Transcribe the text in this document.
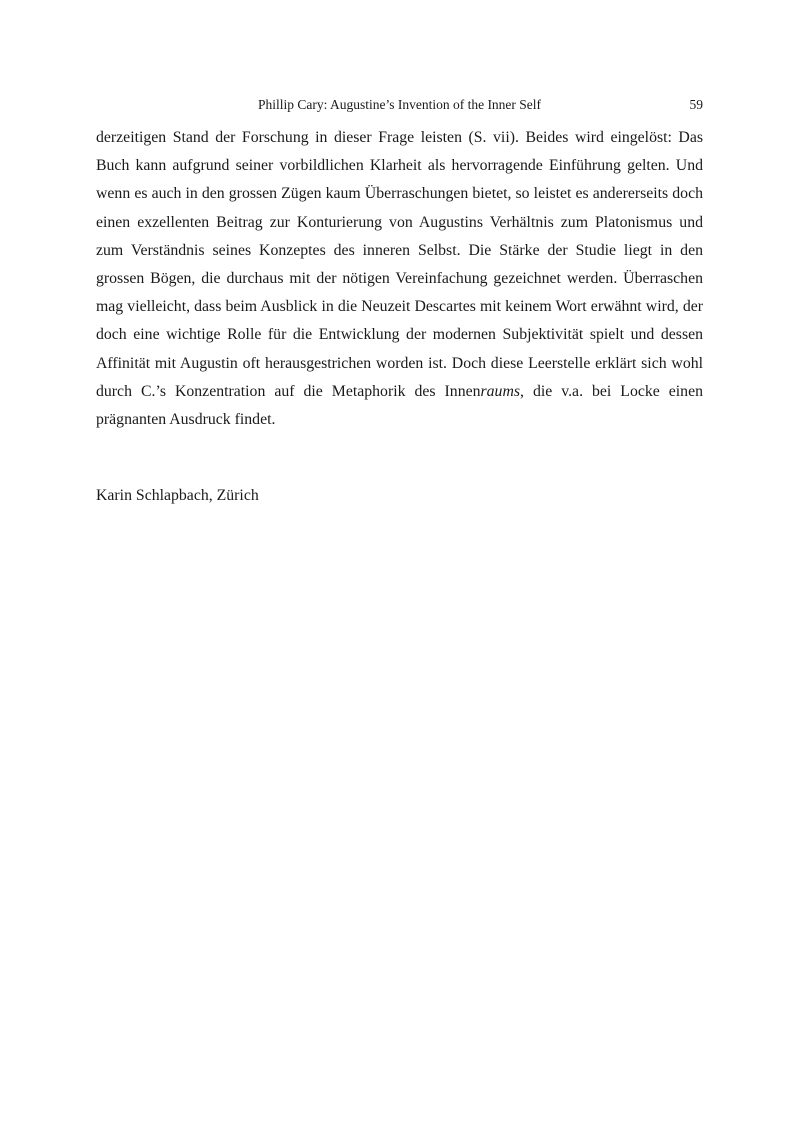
Phillip Cary: Augustine’s Invention of the Inner Self	59

derzeitigen Stand der Forschung in dieser Frage leisten (S. vii). Beides wird eingelöst: Das Buch kann aufgrund seiner vorbildlichen Klarheit als hervorragende Einführung gelten. Und wenn es auch in den grossen Zügen kaum Überraschungen bietet, so leistet es andererseits doch einen exzellenten Beitrag zur Konturierung von Augustins Verhältnis zum Platonismus und zum Verständnis seines Konzeptes des inneren Selbst. Die Stärke der Studie liegt in den grossen Bögen, die durchaus mit der nötigen Vereinfachung gezeichnet werden. Überraschen mag vielleicht, dass beim Ausblick in die Neuzeit Descartes mit keinem Wort erwähnt wird, der doch eine wichtige Rolle für die Entwicklung der modernen Subjektivität spielt und dessen Affinität mit Augustin oft herausgestrichen worden ist. Doch diese Leerstelle erklärt sich wohl durch C.’s Konzentration auf die Metaphorik des Innenraums, die v.a. bei Locke einen prägnanten Ausdruck findet.

Karin Schlapbach, Zürich
